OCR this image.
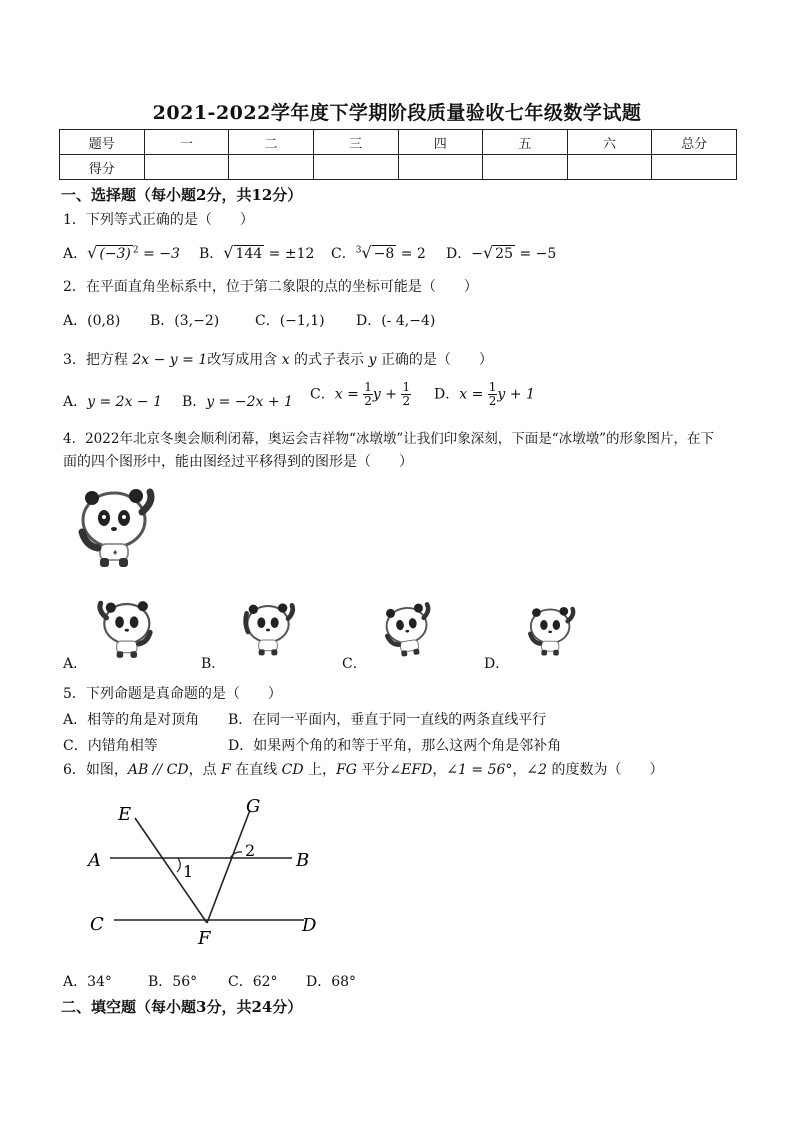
2021-2022学年度下学期阶段质量验收七年级数学试题
题号	一	二	三	四	五	六	总分
得分							
一、选择题（每小题2分，共12分）
1．下列等式正确的是（　　）
A．√ (−3) $^2$ = −3 B．√ 144 = ±12 C．$^3$√ −8 = 2 D．−√ 25 = −5
2．在平面直角坐标系中，位于第二象限的点的坐标可能是（　　）
A．(0,8) B．(3,−2)	C．(−1,1) D．(- 4,−4)
3．把方程 2x − y = 1改写成用含 x 的式子表示 y 正确的是（　　）
A．y = 2x − 1 B．y = −2x + 1 C．$x = \frac{1}{2}$ $y + \frac{1}{2}$ D．$x = \frac{1}{2}$ y + 1
4．2022年北京冬奥会顺利闭幕，奥运会吉祥物“冰墩墩”让我们印象深刻，下面是“冰墩墩”的形象图片，在下
面的四个图形中，能由图经过平移得到的图形是（　　）
♦
A．	B．	C．	D．
5．下列命题是真命题的是（　　）
A．相等的角是对顶角 B．在同一平面内，垂直于同一直线的两条直线平行
C．内错角相等	D．如果两个角的和等于平角，那么这两个角是邻补角
6．如图，AB // CD，点 F 在直线 CD 上，FG 平分∠EFD，∠1 = 56°，∠2 的度数为（　　）
E	G
A	B
C	D
F
1
2
A．34°	B．56° C．62° D．68°
二、填空题（每小题3分，共24分）
